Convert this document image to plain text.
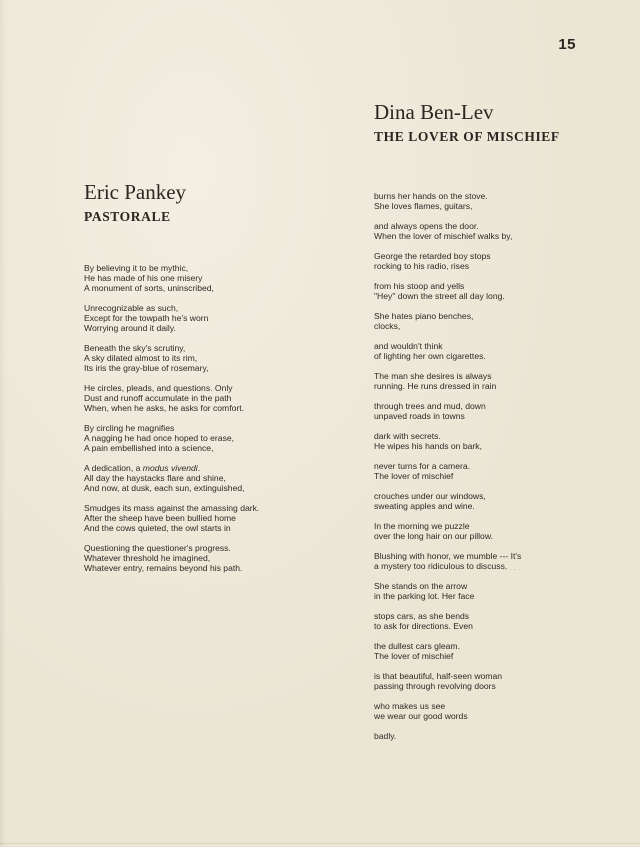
15
Eric Pankey
PASTORALE
By believing it to be mythic,
He has made of his one misery
A monument of sorts, uninscribed,
Unrecognizable as such,
Except for the towpath he's worn
Worrying around it daily.
Beneath the sky's scrutiny,
A sky dilated almost to its rim,
Its iris the gray-blue of rosemary,
He circles, pleads, and questions. Only
Dust and runoff accumulate in the path
When, when he asks, he asks for comfort.
By circling he magnifies
A nagging he had once hoped to erase,
A pain embellished into a science,
A dedication, a modus vivendi.
All day the haystacks flare and shine,
And now, at dusk, each sun, extinguished,
Smudges its mass against the amassing dark.
After the sheep have been bullied home
And the cows quieted, the owl starts in
Questioning the questioner's progress.
Whatever threshold he imagined,
Whatever entry, remains beyond his path.
Dina Ben-Lev
THE LOVER OF MISCHIEF
burns her hands on the stove.
She loves flames, guitars,
and always opens the door.
When the lover of mischief walks by,
George the retarded boy stops
rocking to his radio, rises
from his stoop and yells
"Hey" down the street all day long.
She hates piano benches,
clocks,
and wouldn't think
of lighting her own cigarettes.
The man she desires is always
running. He runs dressed in rain
through trees and mud, down
unpaved roads in towns
dark with secrets.
He wipes his hands on bark,
never turns for a camera.
The lover of mischief
crouches under our windows,
sweating apples and wine.
In the morning we puzzle
over the long hair on our pillow.
Blushing with honor, we mumble --- It's
a mystery too ridiculous to discuss.
She stands on the arrow
in the parking lot. Her face
stops cars, as she bends
to ask for directions. Even
the dullest cars gleam.
The lover of mischief
is that beautiful, half-seen woman
passing through revolving doors
who makes us see
we wear our good words
badly.
·· ·· ·
